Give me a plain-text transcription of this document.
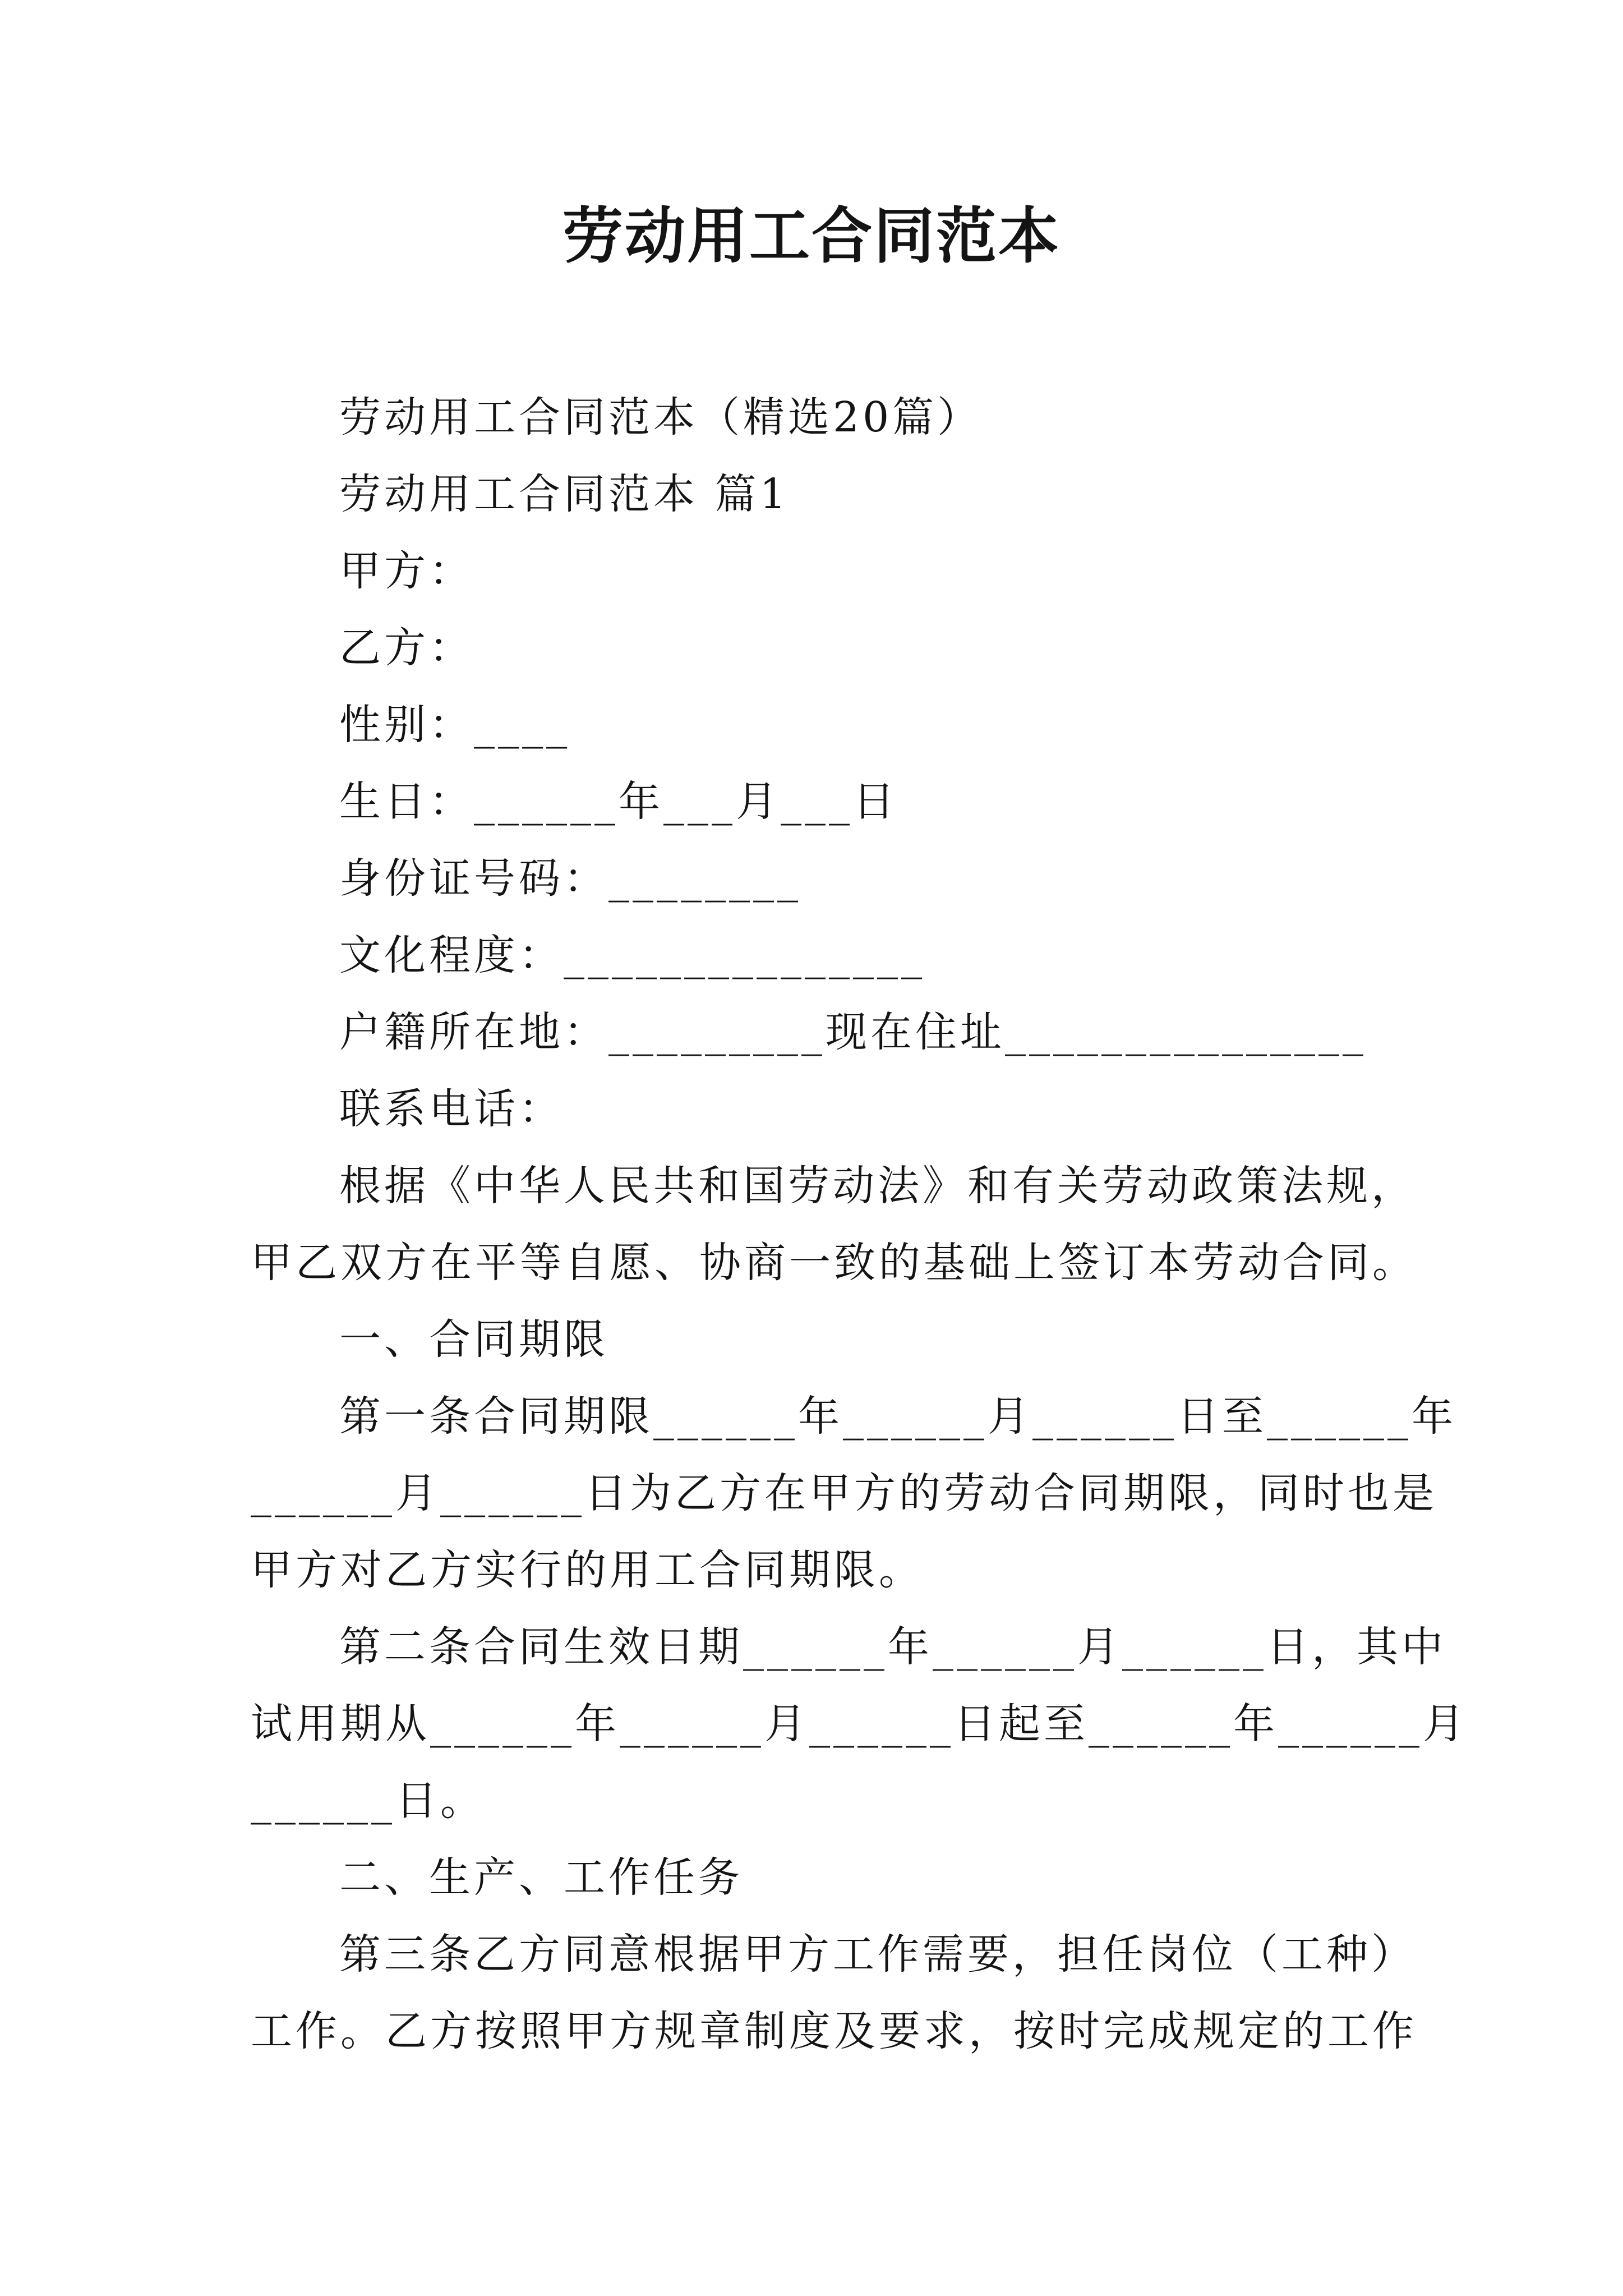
劳动用工合同范本
劳动用工合同范本（精选20篇）
劳动用工合同范本 篇1
甲方：
乙方：
性别：____
生日：______年___月___日
身份证号码：________
文化程度：_______________
户籍所在地：_________现在住址_______________
联系电话：
根据《中华人民共和国劳动法》和有关劳动政策法规，
甲乙双方在平等自愿、协商一致的基础上签订本劳动合同。
一、合同期限
第一条合同期限______年______月______日至______年
______月______日为乙方在甲方的劳动合同期限，同时也是
甲方对乙方实行的用工合同期限。
第二条合同生效日期______年______月______日，其中
试用期从______年______月______日起至______年______月
______日。
二、生产、工作任务
第三条乙方同意根据甲方工作需要，担任岗位（工种）
工作。乙方按照甲方规章制度及要求，按时完成规定的工作
